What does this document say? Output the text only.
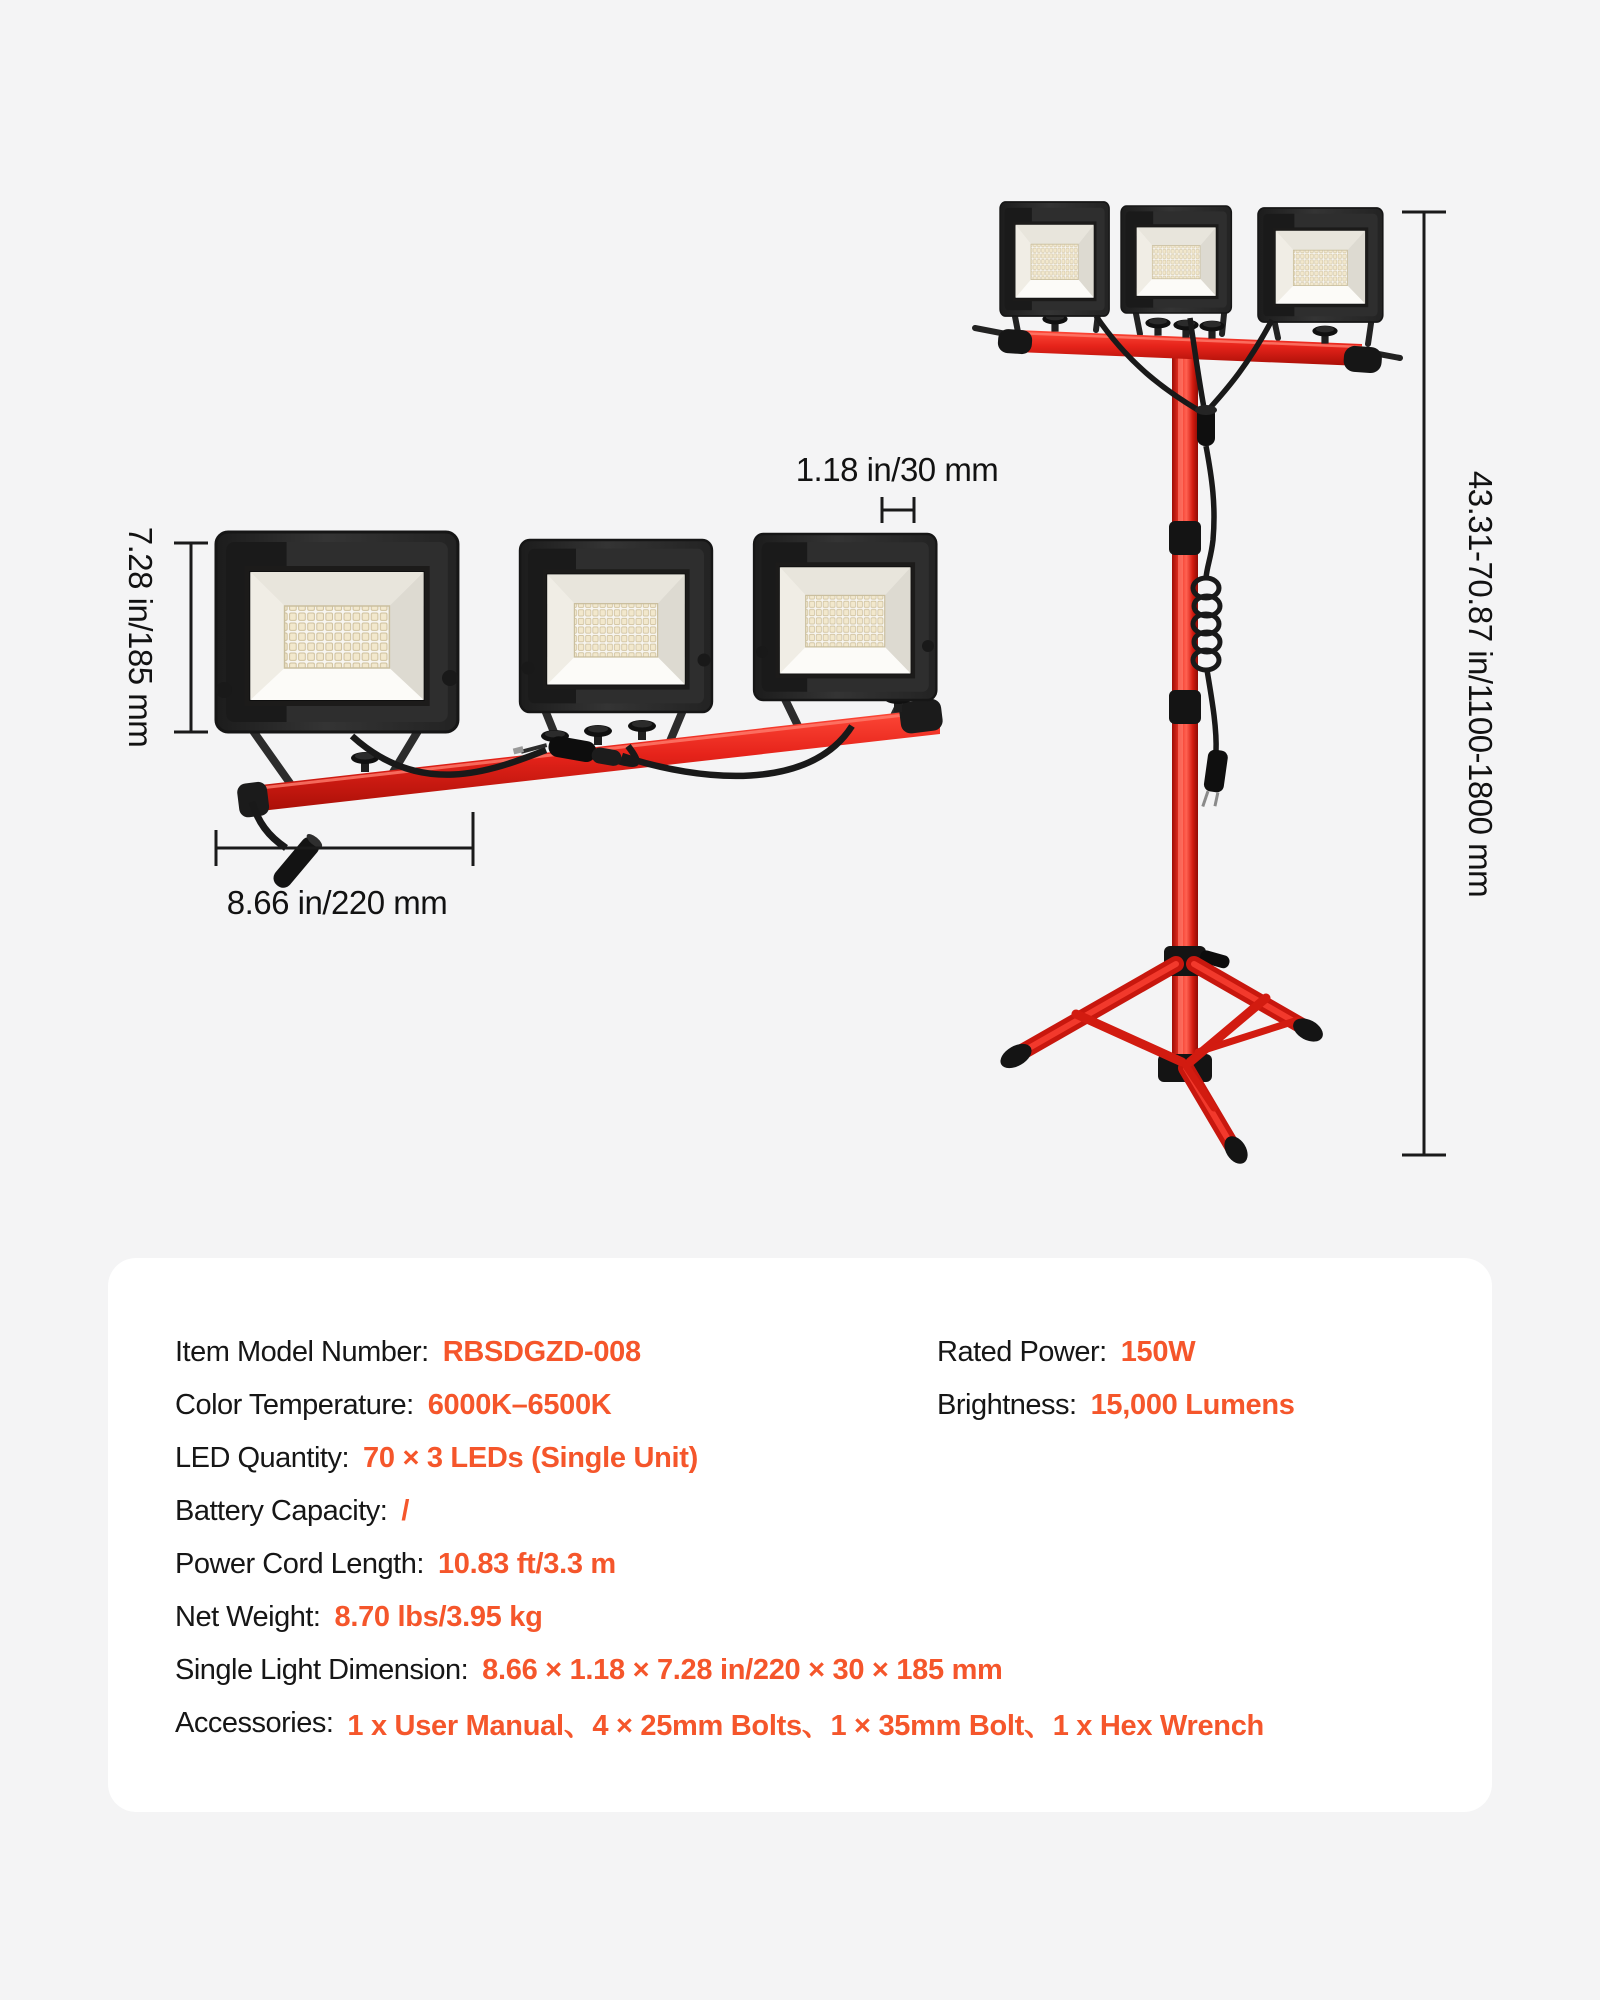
7.28 in/185 mm
1.18 in/30 mm
8.66 in/220 mm
43.31-70.87 in/1100-1800 mm
Item Model Number: RBSDGZD-008
Color Temperature: 6000K–6500K
LED Quantity: 70 × 3 LEDs (Single Unit)
Battery Capacity: /
Power Cord Length: 10.83 ft/3.3 m
Net Weight: 8.70 lbs/3.95 kg
Single Light Dimension: 8.66 × 1.18 × 7.28 in/220 × 30 × 185 mm
Accessories: 1 x User Manual、4 × 25mm Bolts、1 × 35mm Bolt、1 x Hex Wrench
Rated Power: 150W
Brightness: 15,000 Lumens
